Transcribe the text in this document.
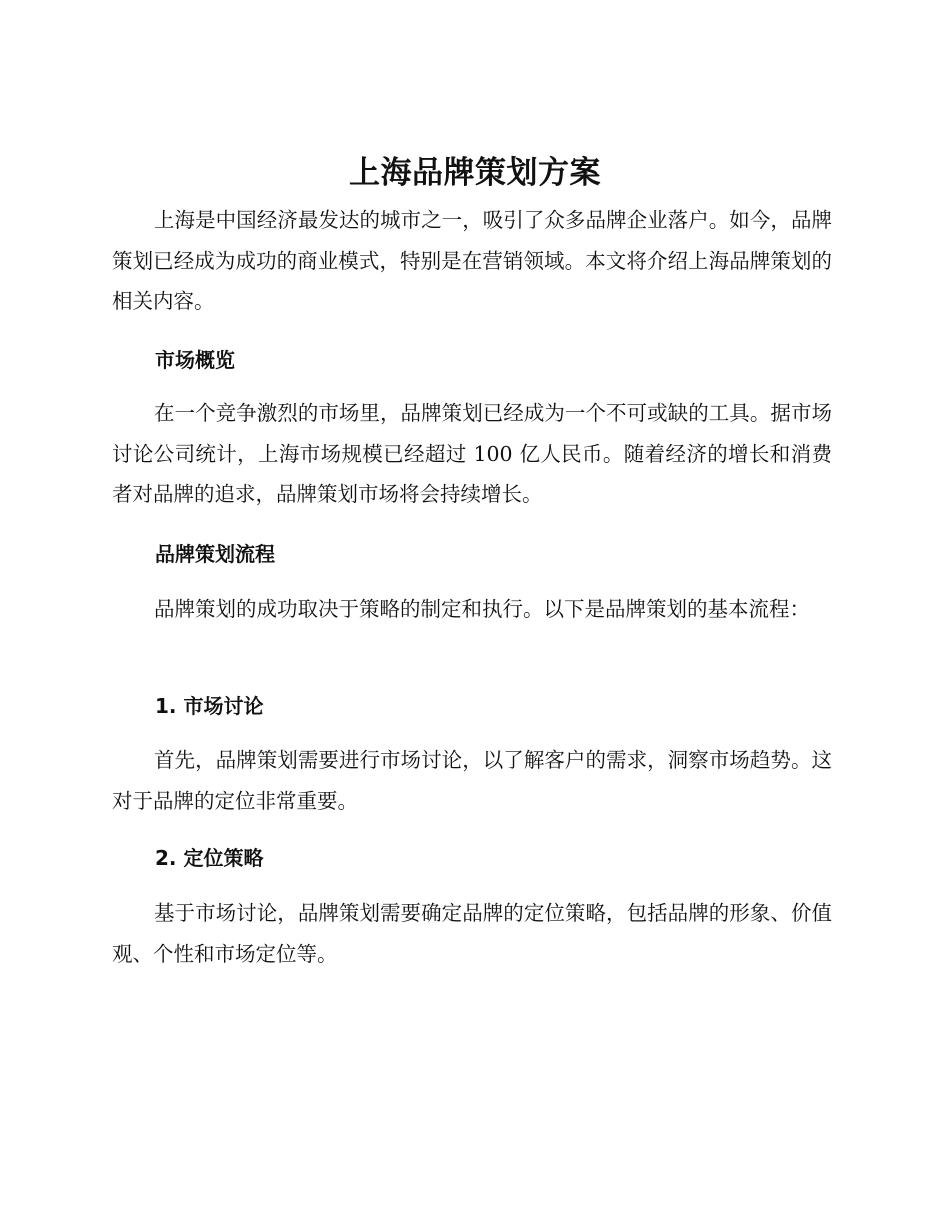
上海品牌策划方案

上海是中国经济最发达的城市之一，吸引了众多品牌企业落户。如今，品牌策划已经成为成功的商业模式，特别是在营销领域。本文将介绍上海品牌策划的相关内容。

市场概览

在一个竞争激烈的市场里，品牌策划已经成为一个不可或缺的工具。据市场讨论公司统计，上海市场规模已经超过 100 亿人民币。随着经济的增长和消费者对品牌的追求，品牌策划市场将会持续增长。

品牌策划流程

品牌策划的成功取决于策略的制定和执行。以下是品牌策划的基本流程：

1. 市场讨论

首先，品牌策划需要进行市场讨论，以了解客户的需求，洞察市场趋势。这对于品牌的定位非常重要。

2. 定位策略

基于市场讨论，品牌策划需要确定品牌的定位策略，包括品牌的形象、价值观、个性和市场定位等。
